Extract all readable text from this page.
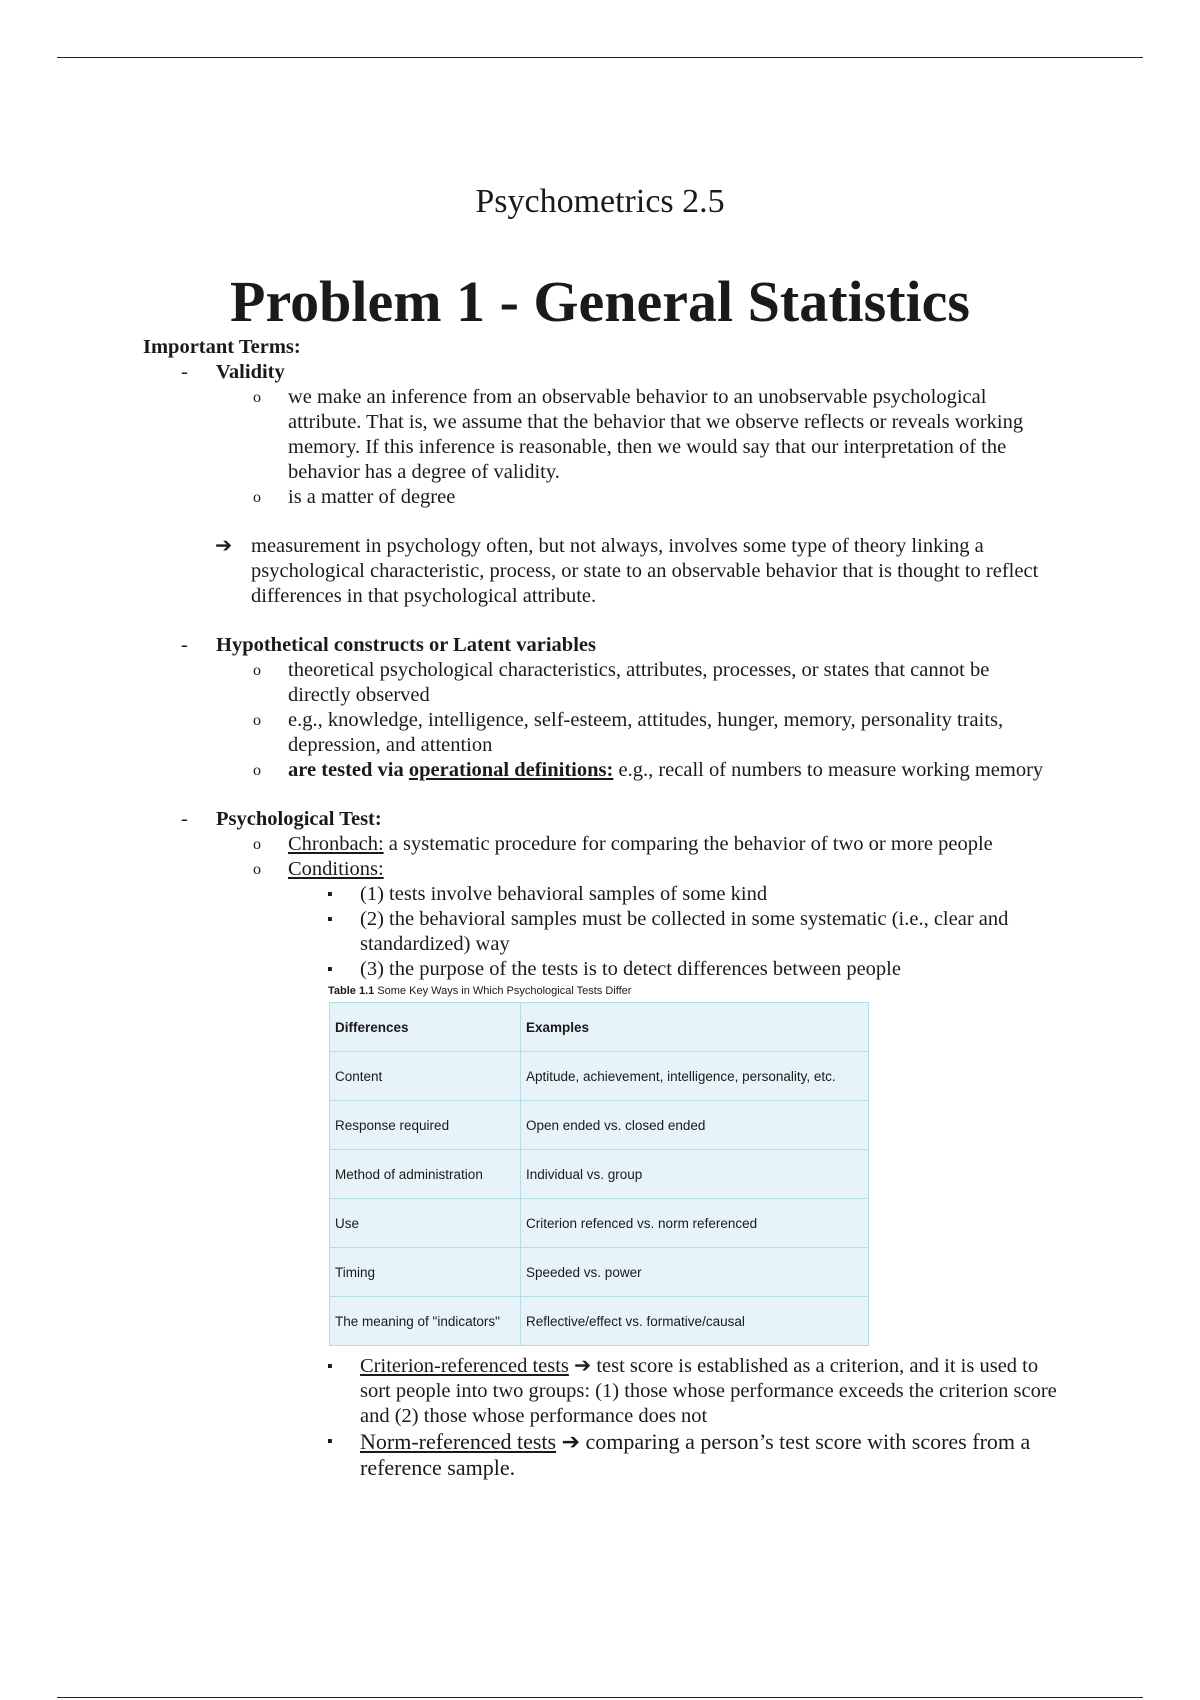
Psychometrics 2.5
Problem 1 - General Statistics
Important Terms:
- Validity
o we make an inference from an observable behavior to an unobservable psychological attribute. That is, we assume that the behavior that we observe reflects or reveals working memory. If this inference is reasonable, then we would say that our interpretation of the behavior has a degree of validity.
o is a matter of degree
➔ measurement in psychology often, but not always, involves some type of theory linking a psychological characteristic, process, or state to an observable behavior that is thought to reflect differences in that psychological attribute.
- Hypothetical constructs or Latent variables
o theoretical psychological characteristics, attributes, processes, or states that cannot be directly observed
o e.g., knowledge, intelligence, self-esteem, attitudes, hunger, memory, personality traits, depression, and attention
o are tested via operational definitions: e.g., recall of numbers to measure working memory
- Psychological Test:
o Chronbach: a systematic procedure for comparing the behavior of two or more people
o Conditions:
▪ (1) tests involve behavioral samples of some kind
▪ (2) the behavioral samples must be collected in some systematic (i.e., clear and standardized) way
▪ (3) the purpose of the tests is to detect differences between people
Table 1.1 Some Key Ways in Which Psychological Tests Differ
Differences	Examples
Content	Aptitude, achievement, intelligence, personality, etc.
Response required	Open ended vs. closed ended
Method of administration	Individual vs. group
Use	Criterion refenced vs. norm referenced
Timing	Speeded vs. power
The meaning of "indicators"	Reflective/effect vs. formative/causal
▪ Criterion-referenced tests ➔ test score is established as a criterion, and it is used to sort people into two groups: (1) those whose performance exceeds the criterion score and (2) those whose performance does not
▪ Norm-referenced tests ➔ comparing a person’s test score with scores from a reference sample.
